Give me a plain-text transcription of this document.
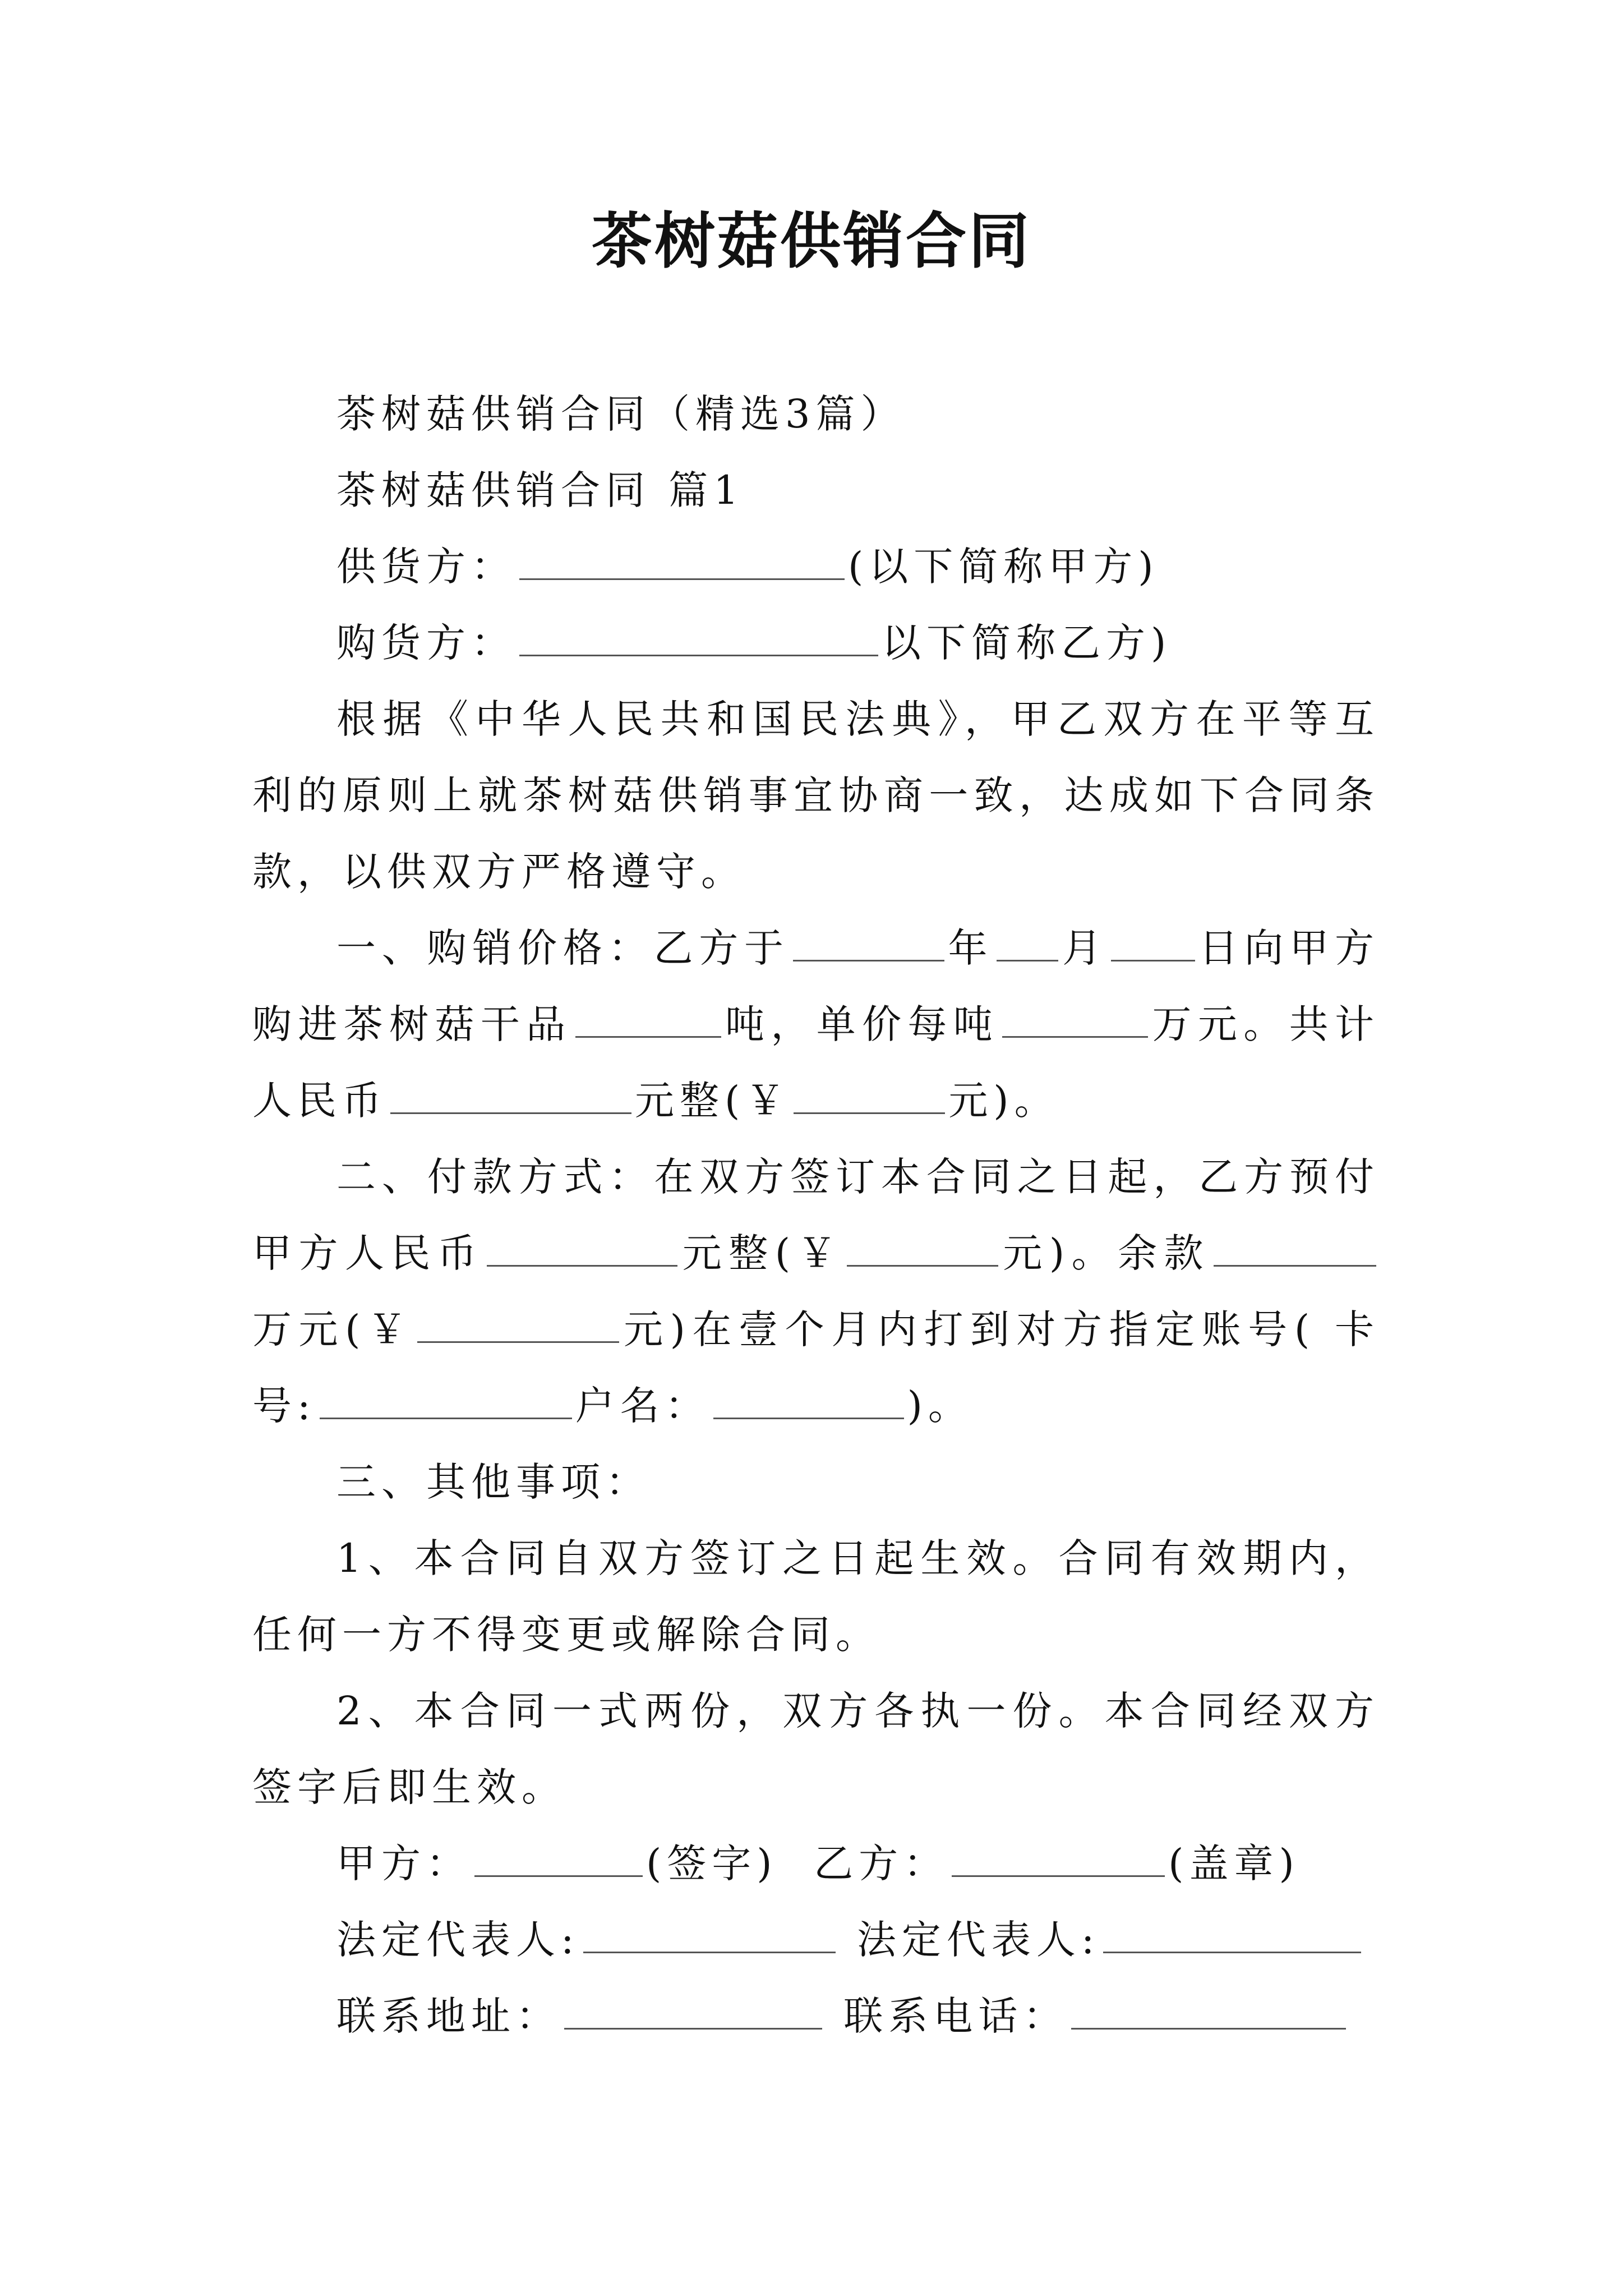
茶树菇供销合同

茶树菇供销合同（精选3篇）

茶树菇供销合同 篇1

供货方：	(以下简称甲方)

购货方：	以下简称乙方)

根据《中华人民共和国民法典》，甲乙双方在平等互利的原则上就茶树菇供销事宜协商一致，达成如下合同条款，以供双方严格遵守。

一、购销价格：乙方于	年 月 日向甲方购进茶树菇干品	吨，单价每吨	万元。共计人民币	元整(￥	元)。

二、付款方式：在双方签订本合同之日起，乙方预付甲方人民币	元整(￥	元)。余款万元(￥	元)在壹个月内打到对方指定账号( 卡号:	户名：	)。

三、其他事项：

1、本合同自双方签订之日起生效。合同有效期内，任何一方不得变更或解除合同。

2、本合同一式两份，双方各执一份。本合同经双方签字后即生效。

甲方：	(签字) 乙方：	(盖章)

法定代表人:	法定代表人:

联系地址：	联系电话：
